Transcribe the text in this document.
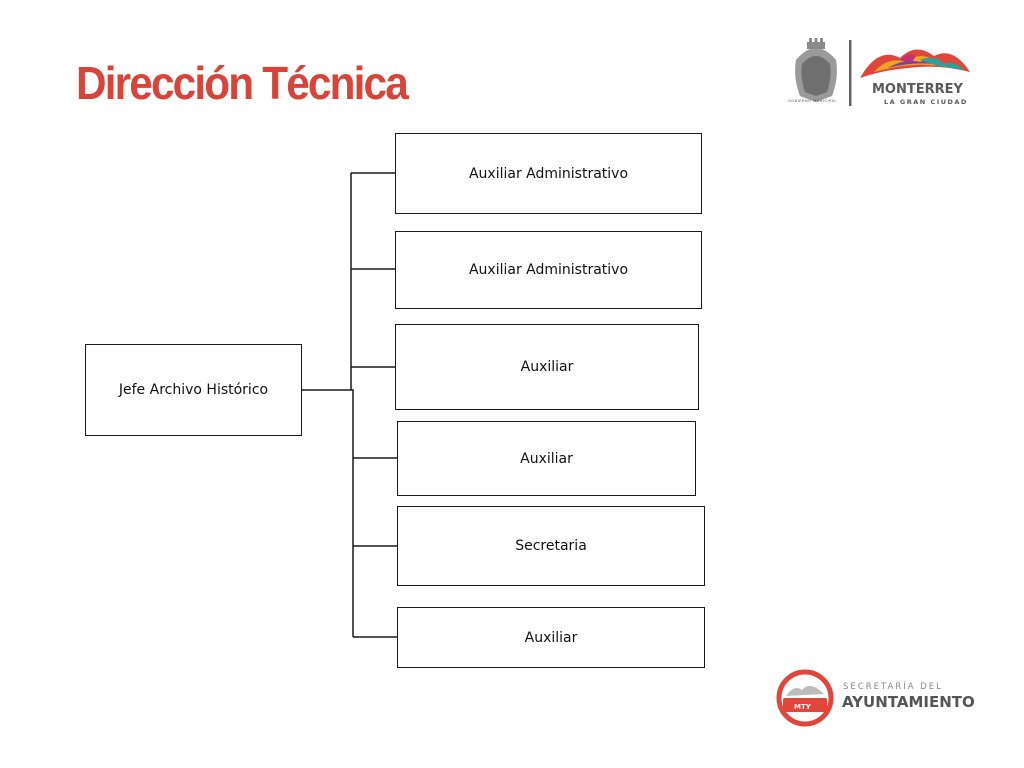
Dirección Técnica
Jefe Archivo Histórico
Auxiliar Administrativo
Auxiliar Administrativo
Auxiliar
Auxiliar
Secretaria
Auxiliar

GOBIERNO MUNICIPAL

MONTERREY

LA GRAN CIUDAD

MTY

SECRETARÍA DEL

AYUNTAMIENTO
